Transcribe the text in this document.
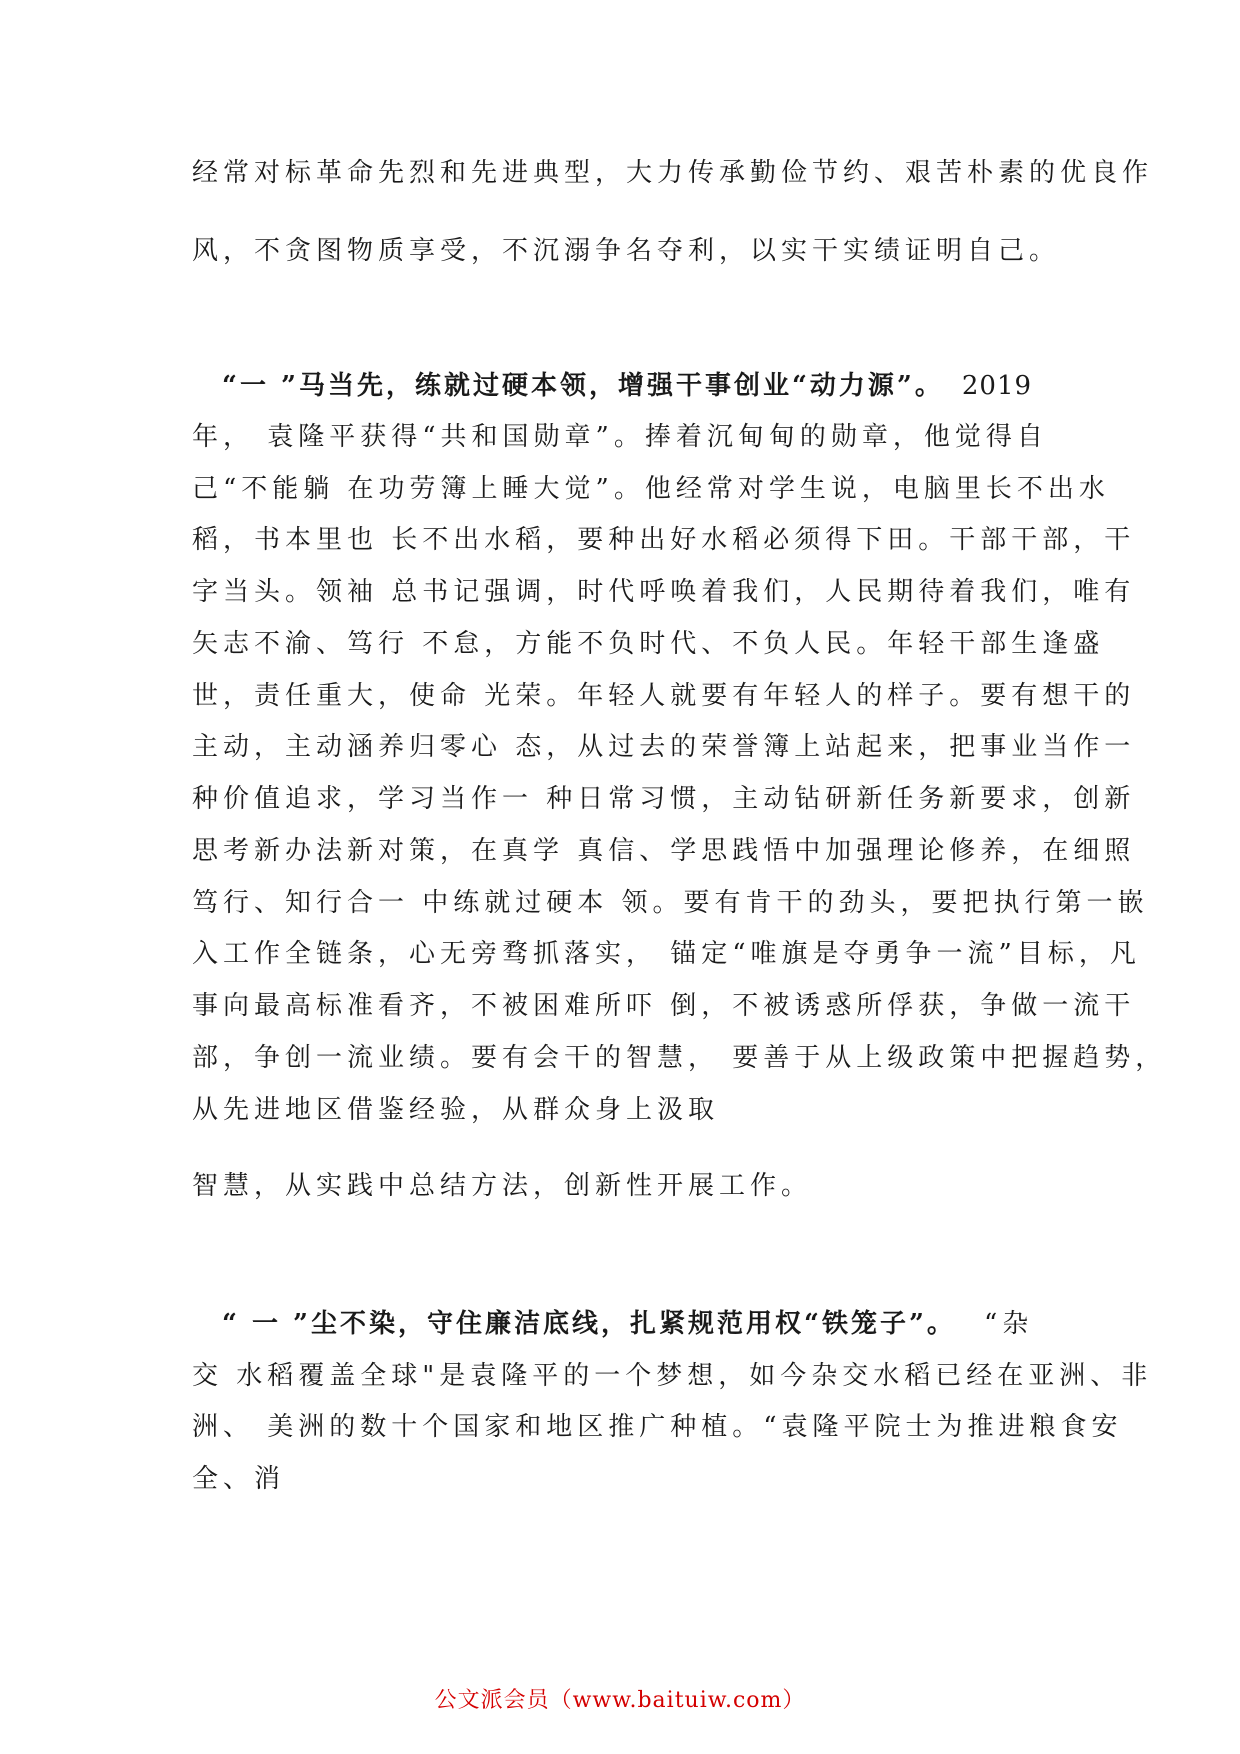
经常对标革命先烈和先进典型，大力传承勤俭节约、艰苦朴素的优良作
风，不贪图物质享受，不沉溺争名夺利，以实干实绩证明自己。
“一 ”马当先，练就过硬本领，增强干事创业“动力源”。 2019
年， 袁隆平获得“共和国勋章”。捧着沉甸甸的勋章，他觉得自
己“不能躺 在功劳簿上睡大觉”。他经常对学生说，电脑里长不出水
稻，书本里也 长不出水稻，要种出好水稻必须得下田。干部干部，干
字当头。领袖 总书记强调，时代呼唤着我们，人民期待着我们，唯有
矢志不渝、笃行 不怠，方能不负时代、不负人民。年轻干部生逢盛
世，责任重大，使命 光荣。年轻人就要有年轻人的样子。要有想干的
主动，主动涵养归零心 态，从过去的荣誉簿上站起来，把事业当作一
种价值追求，学习当作一 种日常习惯，主动钻研新任务新要求，创新
思考新办法新对策，在真学 真信、学思践悟中加强理论修养，在细照
笃行、知行合一 中练就过硬本 领。要有肯干的劲头，要把执行第一嵌
入工作全链条，心无旁骛抓落实， 锚定“唯旗是夺勇争一流”目标，凡
事向最高标准看齐，不被困难所吓 倒，不被诱惑所俘获，争做一流干
部，争创一流业绩。要有会干的智慧， 要善于从上级政策中把握趋势，
从先进地区借鉴经验，从群众身上汲取
智慧，从实践中总结方法，创新性开展工作。
“ 一 ”尘不染，守住廉洁底线，扎紧规范用权“铁笼子”。 “杂
交 水稻覆盖全球"是袁隆平的一个梦想，如今杂交水稻已经在亚洲、非
洲、 美洲的数十个国家和地区推广种植。“袁隆平院士为推进粮食安
全、消
公文派会员（www.baituiw.com）
